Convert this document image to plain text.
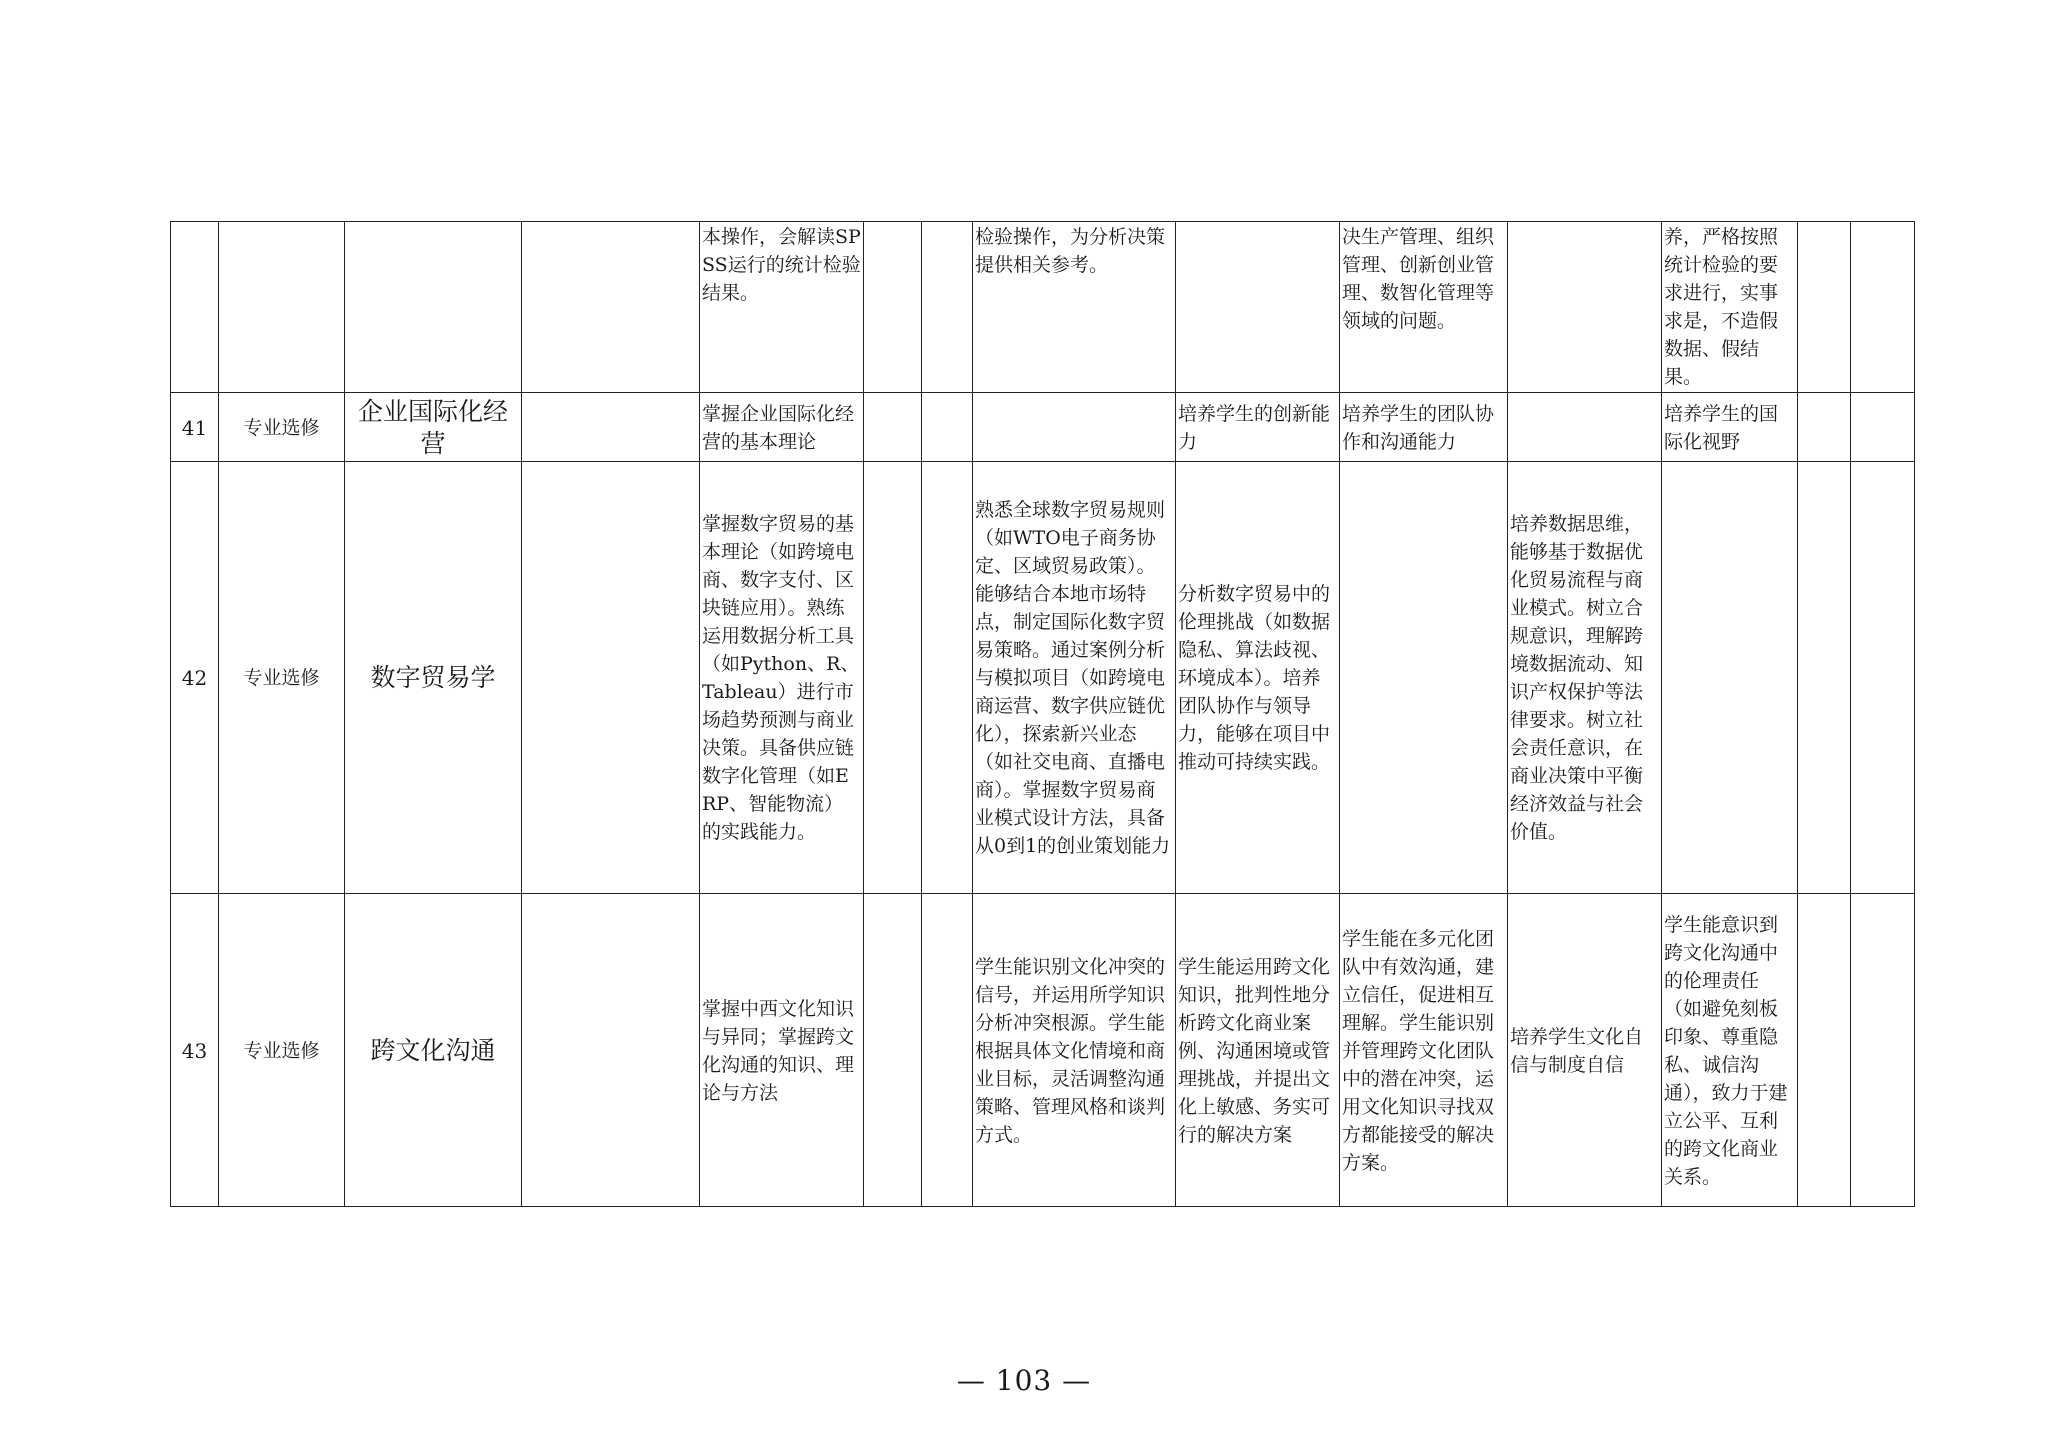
				本操作，会解读SPSS运行的统计检验结果。			检验操作，为分析决策提供相关参考。		决生产管理、组织管理、创新创业管理、数智化管理等领域的问题。		养，严格按照统计检验的要求进行，实事求是，不造假数据、假结果。		
41	专业选修	企业国际化经营		掌握企业国际化经营的基本理论				培养学生的创新能力	培养学生的团队协作和沟通能力		培养学生的国际化视野		
42	专业选修	数字贸易学		掌握数字贸易的基本理论（如跨境电商、数字支付、区块链应用）。熟练运用数据分析工具（如Python、R、Tableau）进行市场趋势预测与商业决策。具备供应链数字化管理（如ERP、智能物流）的实践能力。			熟悉全球数字贸易规则（如WTO电子商务协定、区域贸易政策）。能够结合本地市场特点，制定国际化数字贸易策略。通过案例分析与模拟项目（如跨境电商运营、数字供应链优化），探索新兴业态（如社交电商、直播电商）。掌握数字贸易商业模式设计方法，具备从0到1的创业策划能力	分析数字贸易中的伦理挑战（如数据隐私、算法歧视、环境成本）。培养团队协作与领导力，能够在项目中推动可持续实践。		培养数据思维，能够基于数据优化贸易流程与商业模式。树立合规意识，理解跨境数据流动、知识产权保护等法律要求。树立社会责任意识，在商业决策中平衡经济效益与社会价值。			
43	专业选修	跨文化沟通		掌握中西文化知识与异同；掌握跨文化沟通的知识、理论与方法			学生能识别文化冲突的信号，并运用所学知识分析冲突根源。学生能根据具体文化情境和商业目标，灵活调整沟通策略、管理风格和谈判方式。	学生能运用跨文化知识，批判性地分析跨文化商业案例、沟通困境或管理挑战，并提出文化上敏感、务实可行的解决方案	学生能在多元化团队中有效沟通，建立信任，促进相互理解。学生能识别并管理跨文化团队中的潜在冲突，运用文化知识寻找双方都能接受的解决方案。	培养学生文化自信与制度自信	学生能意识到跨文化沟通中的伦理责任（如避免刻板印象、尊重隐私、诚信沟通），致力于建立公平、互利的跨文化商业关系。		
— 103 —
